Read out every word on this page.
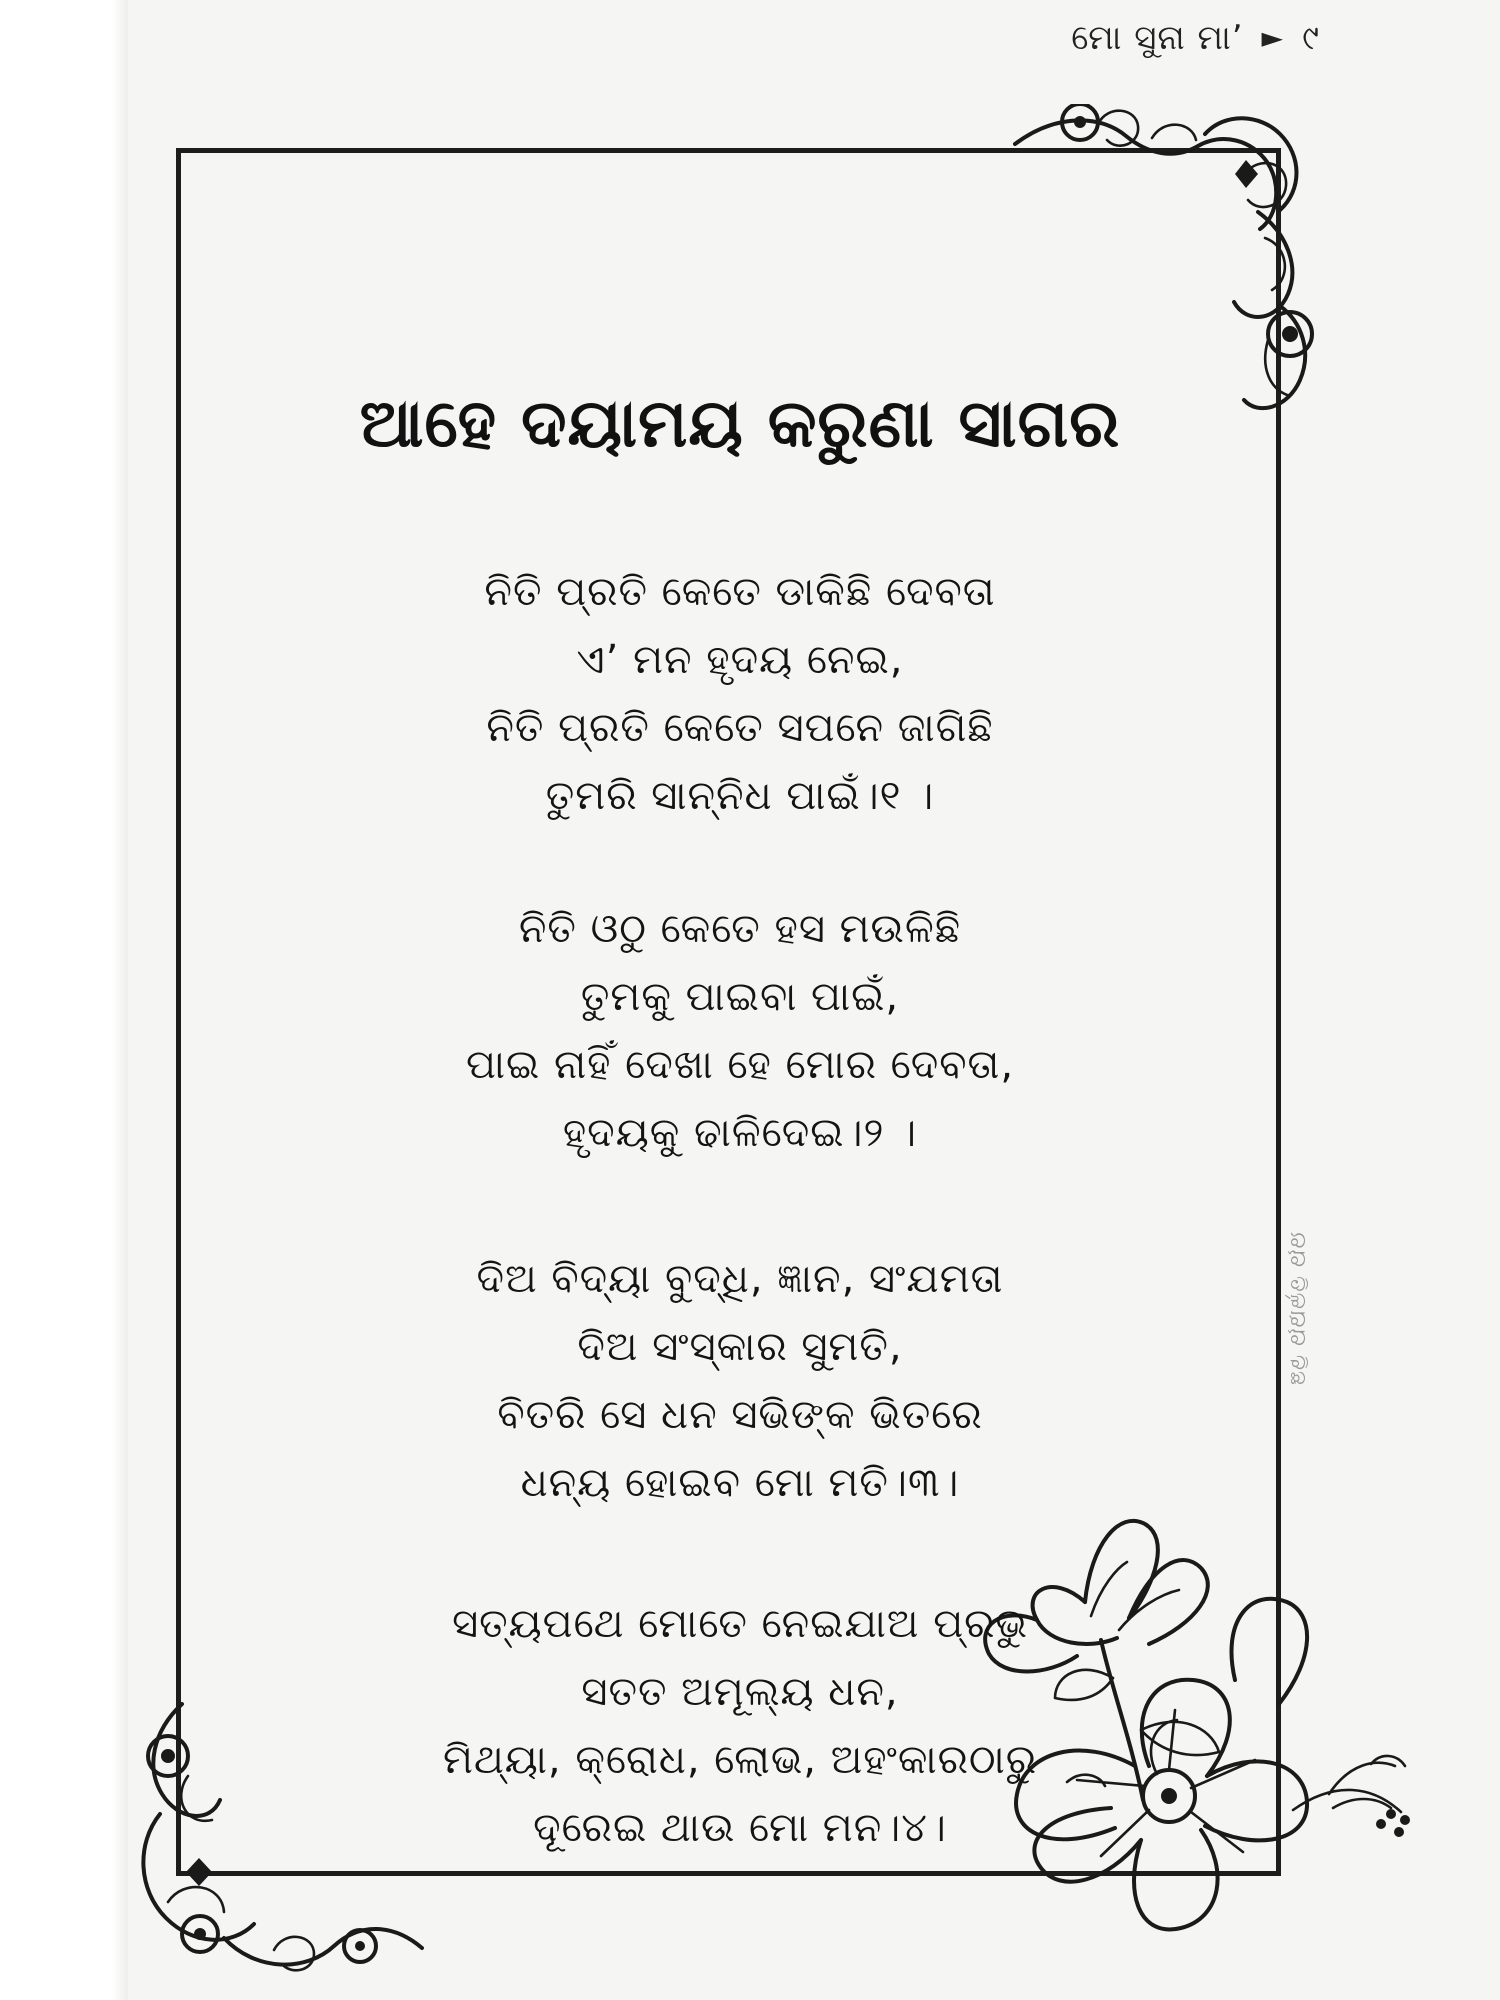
ମୋ ସୁନା ମା’ ► ୯
ଛବି ଚାରାକ୍ତି ଚାର
ଆହେ ଦୟାମୟ କରୁଣା ସାଗର
ନିତି ପ୍ରତି କେତେ ଡାକିଛି ଦେବତା
ଏ’ ମନ ହୃଦୟ ନେଇ,
ନିତି ପ୍ରତି କେତେ ସପନେ ଜାଗିଛି
ତୁମରି ସାନ୍ନିଧ ପାଇଁ।୧ ।
ନିତି ଓଠୁ କେତେ ହସ ମଉଳିଛି
ତୁମକୁ ପାଇବା ପାଇଁ,
ପାଇ ନାହିଁ ଦେଖା ହେ ମୋର ଦେବତା,
ହୃଦୟକୁ ଢାଳିଦେଇ।୨ ।
ଦିଅ ବିଦ୍ୟା ବୁଦ୍ଧି, ଜ୍ଞାନ, ସଂଯମତା
ଦିଅ ସଂସ୍କାର ସୁମତି,
ବିତରି ସେ ଧନ ସଭିଙ୍କ ଭିତରେ
ଧନ୍ୟ ହୋଇବ ମୋ ମତି।୩।
ସତ୍ୟପଥେ ମୋତେ ନେଇଯାଅ ପ୍ରଭୁ
ସତତ ଅମୂଲ୍ୟ ଧନ,
ମିଥ୍ୟା, କ୍ରୋଧ, ଲୋଭ, ଅହଂକାରଠାରୁ
ଦୂରେଇ ଥାଉ ମୋ ମନ।୪।
